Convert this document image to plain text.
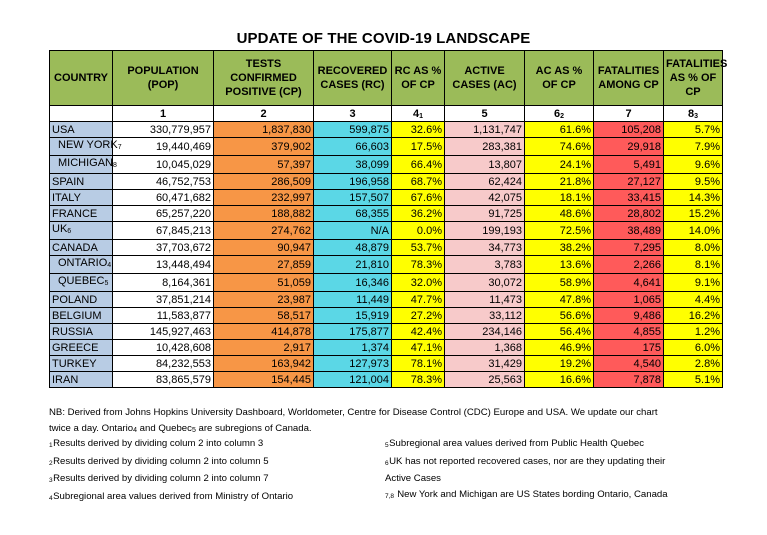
UPDATE OF THE COVID-19 LANDSCAPE
COUNTRY	POPULATION (POP)	TESTS CONFIRMED POSITIVE (CP)	RECOVERED CASES (RC)	RC AS % OF CP	ACTIVE CASES (AC)	AC AS % OF CP	FATALITIES AMONG CP	FATALITIES AS % OF CP
	1	2	3	$4_1$	5	$6_2$	7	$8_3$
USA	330,779,957	1,837,830	599,875	32.6%	1,131,747	61.6%	105,208	5.7%
NEW $YORK_7$	19,440,469	379,902	66,603	17.5%	283,381	74.6%	29,918	7.9%
$MICHIGAN_8$	10,045,029	57,397	38,099	66.4%	13,807	24.1%	5,491	9.6%
SPAIN	46,752,753	286,509	196,958	68.7%	62,424	21.8%	27,127	9.5%
ITALY	60,471,682	232,997	157,507	67.6%	42,075	18.1%	33,415	14.3%
FRANCE	65,257,220	188,882	68,355	36.2%	91,725	48.6%	28,802	15.2%
$UK_6$	67,845,213	274,762	N/A	0.0%	199,193	72.5%	38,489	14.0%
CANADA	37,703,672	90,947	48,879	53.7%	34,773	38.2%	7,295	8.0%
$ONTARIO_4$	13,448,494	27,859	21,810	78.3%	3,783	13.6%	2,266	8.1%
$QUEBEC_5$	8,164,361	51,059	16,346	32.0%	30,072	58.9%	4,641	9.1%
POLAND	37,851,214	23,987	11,449	47.7%	11,473	47.8%	1,065	4.4%
BELGIUM	11,583,877	58,517	15,919	27.2%	33,112	56.6%	9,486	16.2%
RUSSIA	145,927,463	414,878	175,877	42.4%	234,146	56.4%	4,855	1.2%
GREECE	10,428,608	2,917	1,374	47.1%	1,368	46.9%	175	6.0%
TURKEY	84,232,553	163,942	127,973	78.1%	31,429	19.2%	4,540	2.8%
IRAN	83,865,579	154,445	121,004	78.3%	25,563	16.6%	7,878	5.1%
NB: Derived from Johns Hopkins University Dashboard, Worldometer, Centre for Disease Control (CDC) Europe and USA. We update our chart
twice a day. Ontario$_4$ and Quebec$_5$ are subregions of Canada.
1Results derived by dividing colum 2 into column 3
2Results derived by dividing column 2 into column 5
3Results derived by dividing column 2 into column 7
4Subregional area values derived from Ministry of Ontario
5Subregional area values derived from Public Health Quebec
6UK has not reported recovered cases, nor are they updating their
Active Cases
7,8 New York and Michigan are US States bording Ontario, Canada
